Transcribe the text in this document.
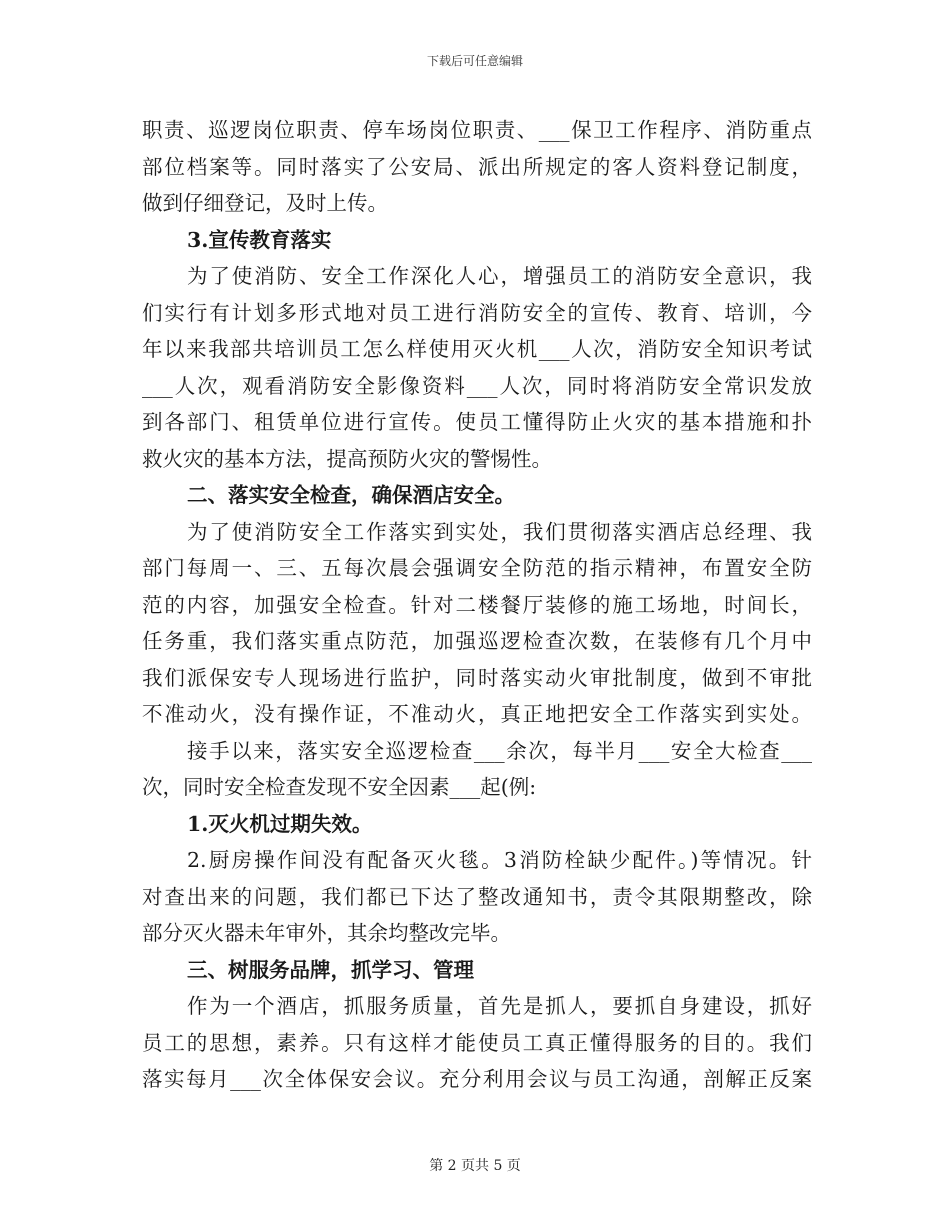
下载后可任意编辑
职责、巡逻岗位职责、停车场岗位职责、___保卫工作程序、消防重点
部位档案等。同时落实了公安局、派出所规定的客人资料登记制度，
做到仔细登记，及时上传。
3.宣传教育落实
为了使消防、安全工作深化人心，增强员工的消防安全意识，我
们实行有计划多形式地对员工进行消防安全的宣传、教育、培训，今
年以来我部共培训员工怎么样使用灭火机___人次，消防安全知识考试
___人次，观看消防安全影像资料___人次，同时将消防安全常识发放
到各部门、租赁单位进行宣传。使员工懂得防止火灾的基本措施和扑
救火灾的基本方法，提高预防火灾的警惕性。
二、落实安全检查，确保酒店安全。
为了使消防安全工作落实到实处，我们贯彻落实酒店总经理、我
部门每周一、三、五每次晨会强调安全防范的指示精神，布置安全防
范的内容，加强安全检查。针对二楼餐厅装修的施工场地，时间长，
任务重，我们落实重点防范，加强巡逻检查次数，在装修有几个月中
我们派保安专人现场进行监护，同时落实动火审批制度，做到不审批
不准动火，没有操作证，不准动火，真正地把安全工作落实到实处。
接手以来，落实安全巡逻检查___余次，每半月___安全大检查___
次，同时安全检查发现不安全因素___起(例:
1.灭火机过期失效。
2.厨房操作间没有配备灭火毯。3消防栓缺少配件。)等情况。针
对查出来的问题，我们都已下达了整改通知书，责令其限期整改，除
部分灭火器未年审外，其余均整改完毕。
三、树服务品牌，抓学习、管理
作为一个酒店，抓服务质量，首先是抓人，要抓自身建设，抓好
员工的思想，素养。只有这样才能使员工真正懂得服务的目的。我们
落实每月___次全体保安会议。充分利用会议与员工沟通，剖解正反案
第 2 页共 5 页
